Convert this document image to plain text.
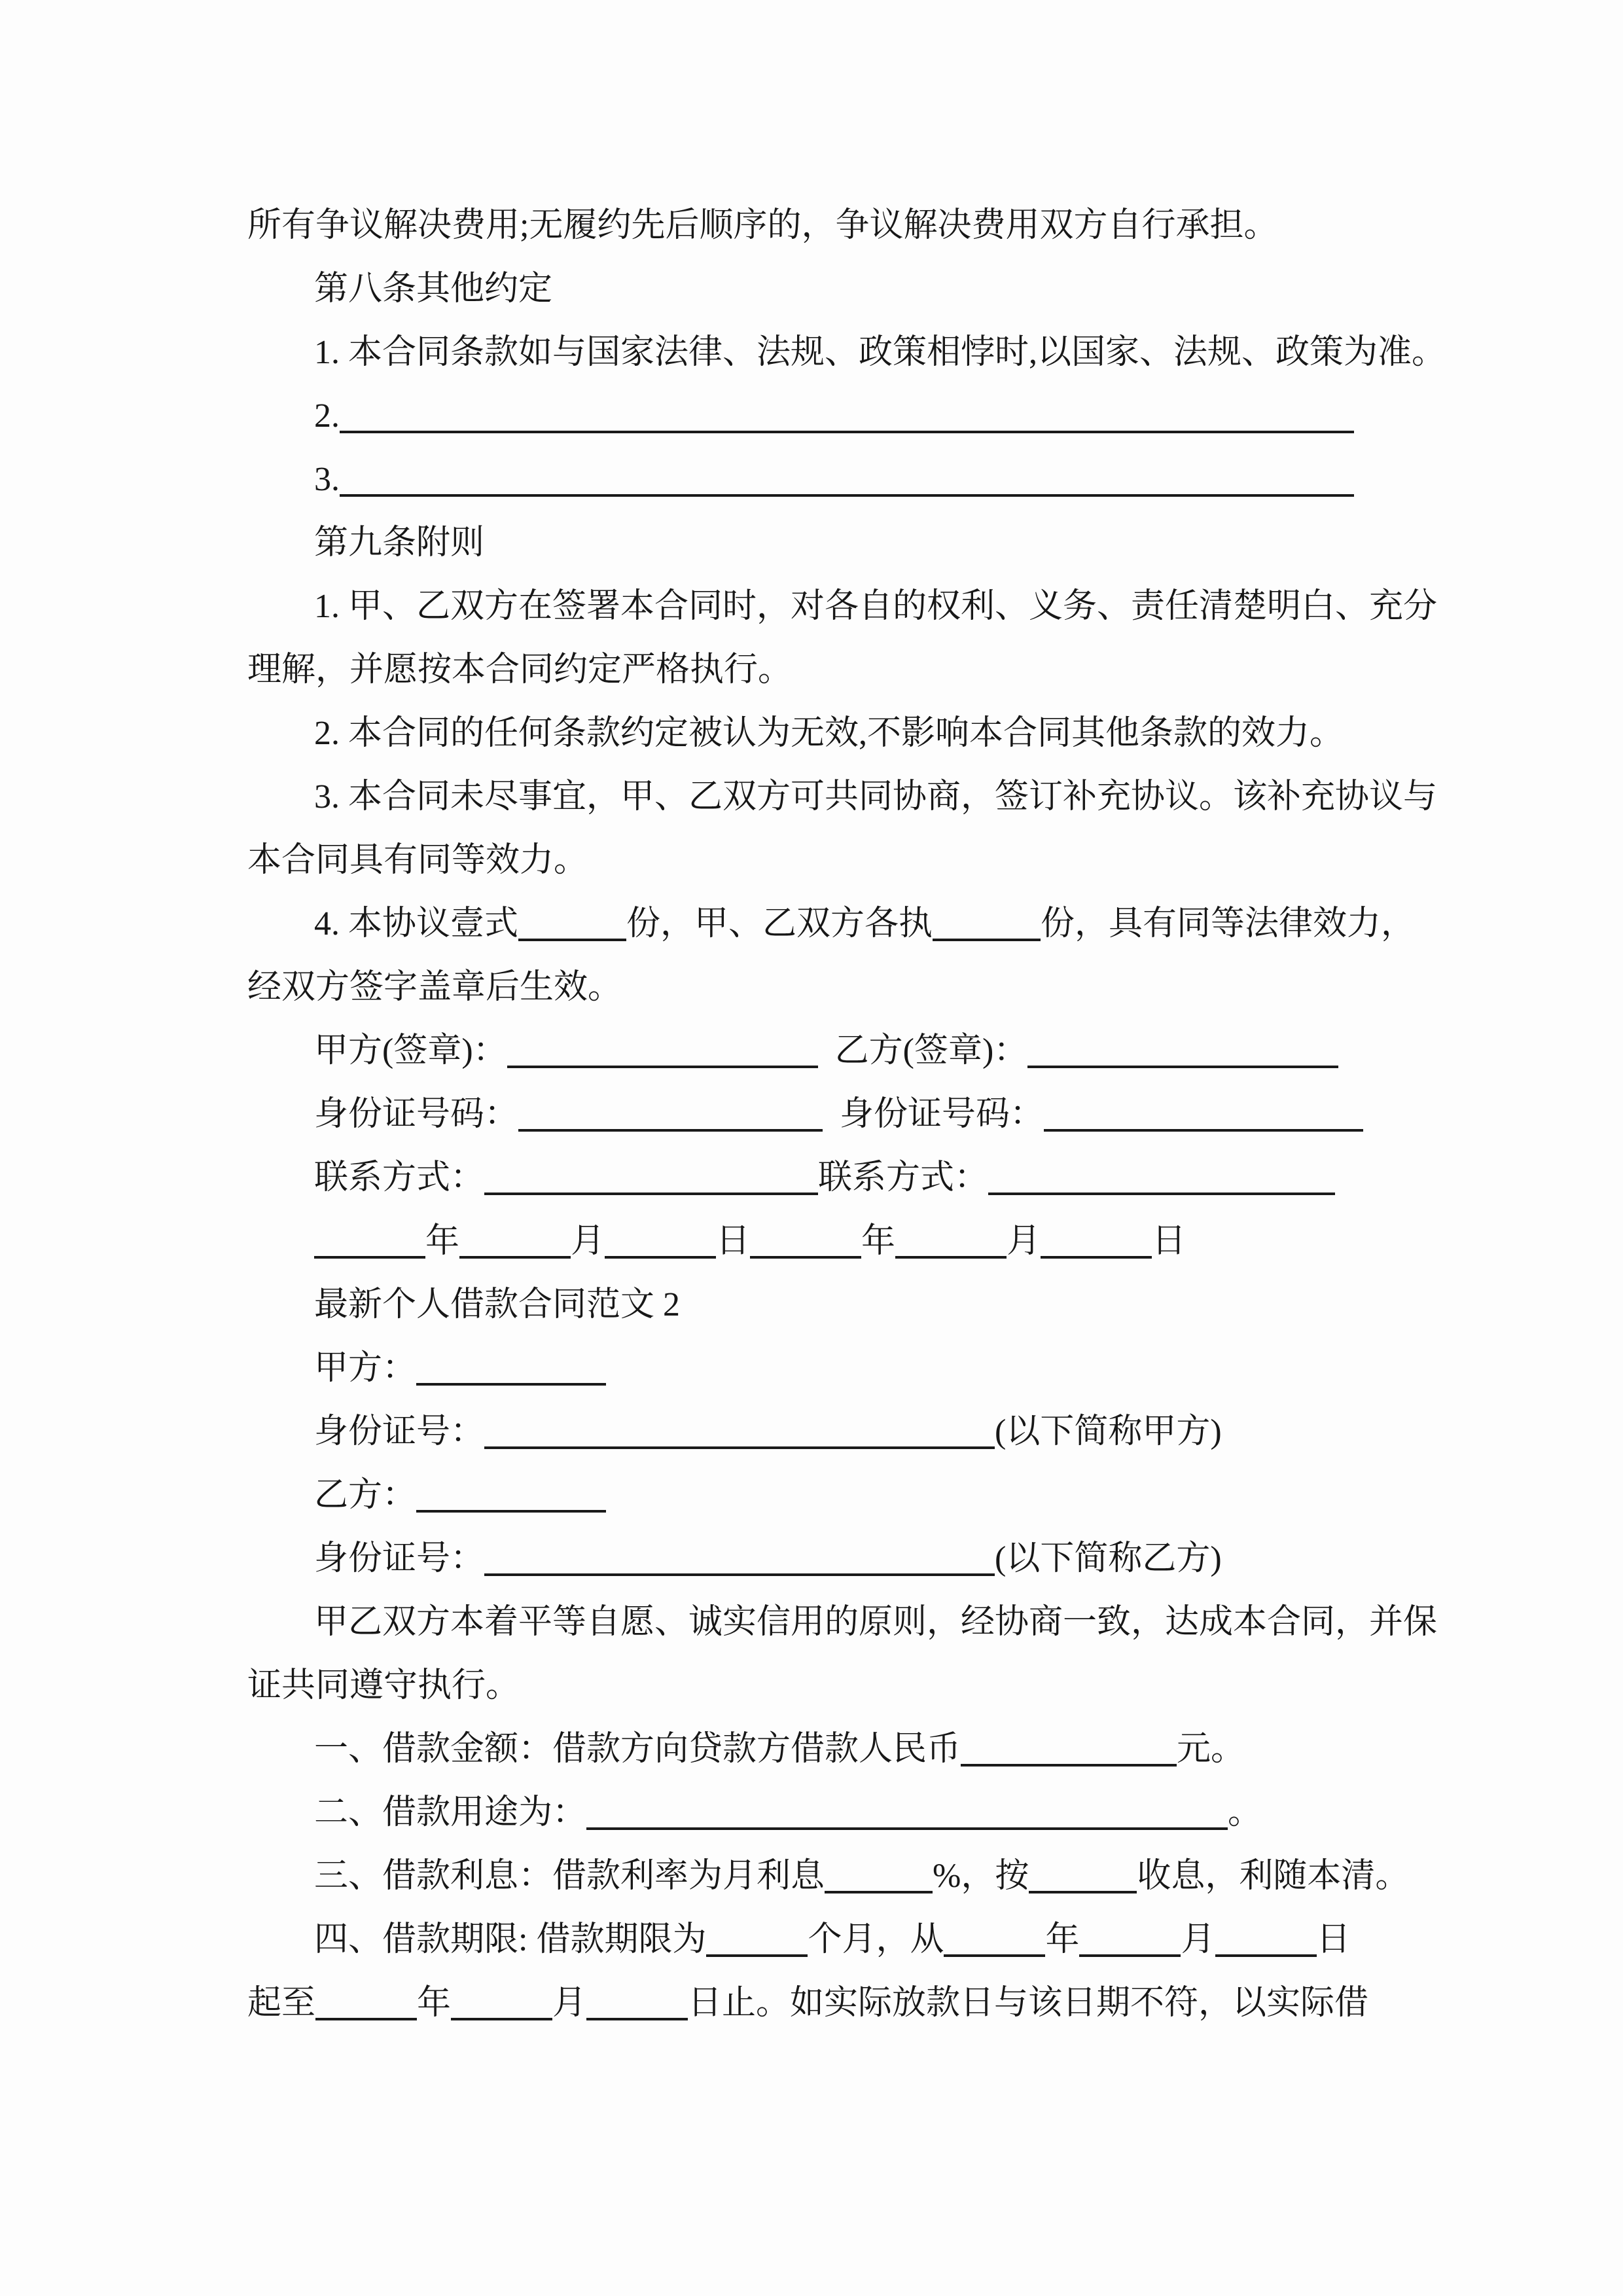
所有争议解决费用;无履约先后顺序的，争议解决费用双方自行承担。

第八条其他约定

1. 本合同条款如与国家法律、法规、政策相悖时,以国家、法规、政策为准。

2.

3.

第九条附则

1. 甲、乙双方在签署本合同时，对各自的权利、义务、责任清楚明白、充分

理解，并愿按本合同约定严格执行。

2. 本合同的任何条款约定被认为无效,不影响本合同其他条款的效力。

3. 本合同未尽事宜，甲、乙双方可共同协商，签订补充协议。该补充协议与

本合同具有同等效力。

4. 本协议壹式	份，甲、乙双方各执	份，具有同等法律效力，

经双方签字盖章后生效。

甲方(签章)：	乙方(签章)：

身份证号码：	身份证号码：

联系方式：	联系方式：

年	月	日	年	月	日

最新个人借款合同范文 2

甲方：

身份证号：	(以下简称甲方)

乙方：

身份证号：	(以下简称乙方)

甲乙双方本着平等自愿、诚实信用的原则，经协商一致，达成本合同，并保

证共同遵守执行。

一、借款金额：借款方向贷款方借款人民币	元。

二、借款用途为：	。

三、借款利息：借款利率为月利息	%，按	收息，利随本清。

四、借款期限: 借款期限为	个月，从	年	月	日

起至	年	月	日止。如实际放款日与该日期不符，以实际借
